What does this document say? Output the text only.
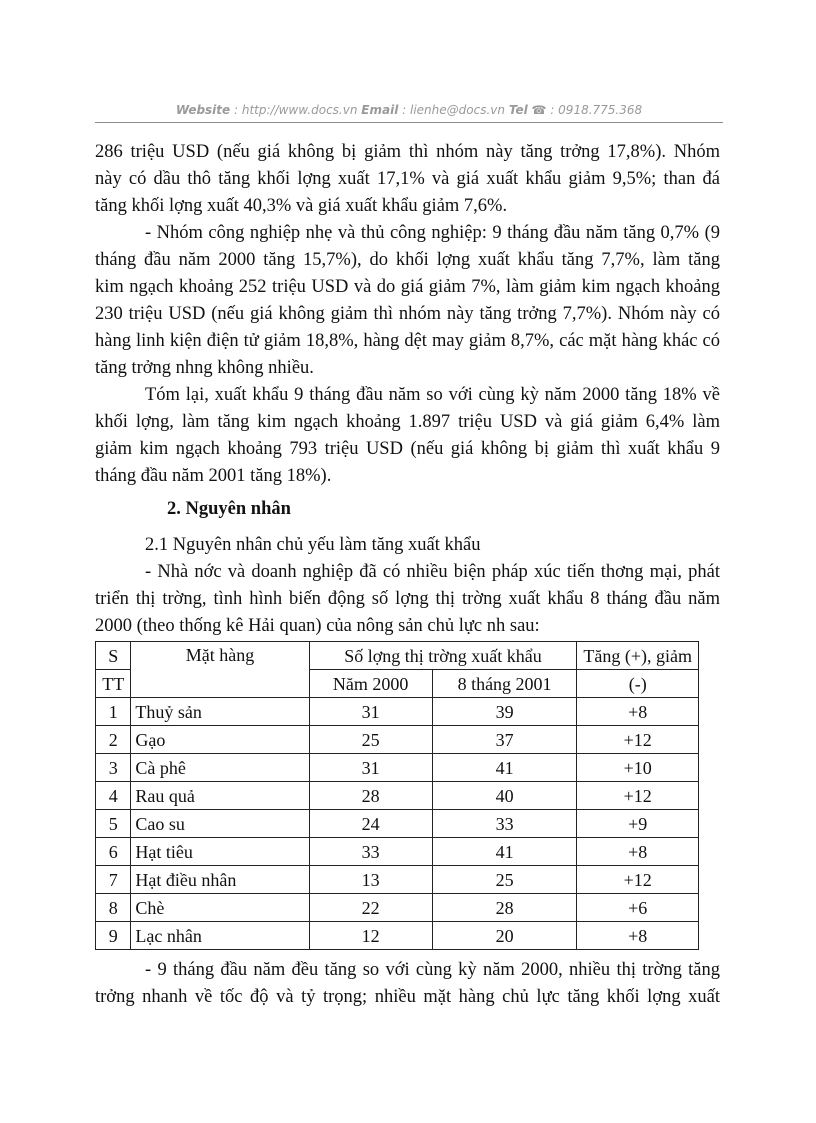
Website : http://www.docs.vn Email : lienhe@docs.vn Tel ☎ : 0918.775.368
286 triệu USD (nếu giá không bị giảm thì nhóm này tăng trởng 17,8%). Nhóm
này có dầu thô tăng khối lợng xuất 17,1% và giá xuất khẩu giảm 9,5%; than đá
tăng khối lợng xuất 40,3% và giá xuất khẩu giảm 7,6%.
- Nhóm công nghiệp nhẹ và thủ công nghiệp: 9 tháng đầu năm tăng 0,7% (9
tháng đầu năm 2000 tăng 15,7%), do khối lợng xuất khẩu tăng 7,7%, làm tăng
kim ngạch khoảng 252 triệu USD và do giá giảm 7%, làm giảm kim ngạch khoảng
230 triệu USD (nếu giá không giảm thì nhóm này tăng trởng 7,7%). Nhóm này có
hàng linh kiện điện tử giảm 18,8%, hàng dệt may giảm 8,7%, các mặt hàng khác có
tăng trởng nhng không nhiều.
Tóm lại, xuất khẩu 9 tháng đầu năm so với cùng kỳ năm 2000 tăng 18% về
khối lợng, làm tăng kim ngạch khoảng 1.897 triệu USD và giá giảm 6,4% làm
giảm kim ngạch khoảng 793 triệu USD (nếu giá không bị giảm thì xuất khẩu 9
tháng đầu năm 2001 tăng 18%).
2. Nguyên nhân
2.1 Nguyên nhân chủ yếu làm tăng xuất khẩu
- Nhà nớc và doanh nghiệp đã có nhiều biện pháp xúc tiến thơng mại, phát
triển thị trờng, tình hình biến động số lợng thị trờng xuất khẩu 8 tháng đầu năm
2000 (theo thống kê Hải quan) của nông sản chủ lực nh sau:
S	Mặt hàng	Số lợng thị trờng xuất khẩu		Tăng (+), giảm
TT		Năm 2000	8 tháng 2001	(-)
1	Thuỷ sản	31	39	+8
2	Gạo	25	37	+12
3	Cà phê	31	41	+10
4	Rau quả	28	40	+12
5	Cao su	24	33	+9
6	Hạt tiêu	33	41	+8
7	Hạt điều nhân	13	25	+12
8	Chè	22	28	+6
9	Lạc nhân	12	20	+8
- 9 tháng đầu năm đều tăng so với cùng kỳ năm 2000, nhiều thị trờng tăng
trởng nhanh về tốc độ và tỷ trọng; nhiều mặt hàng chủ lực tăng khối lợng xuất
